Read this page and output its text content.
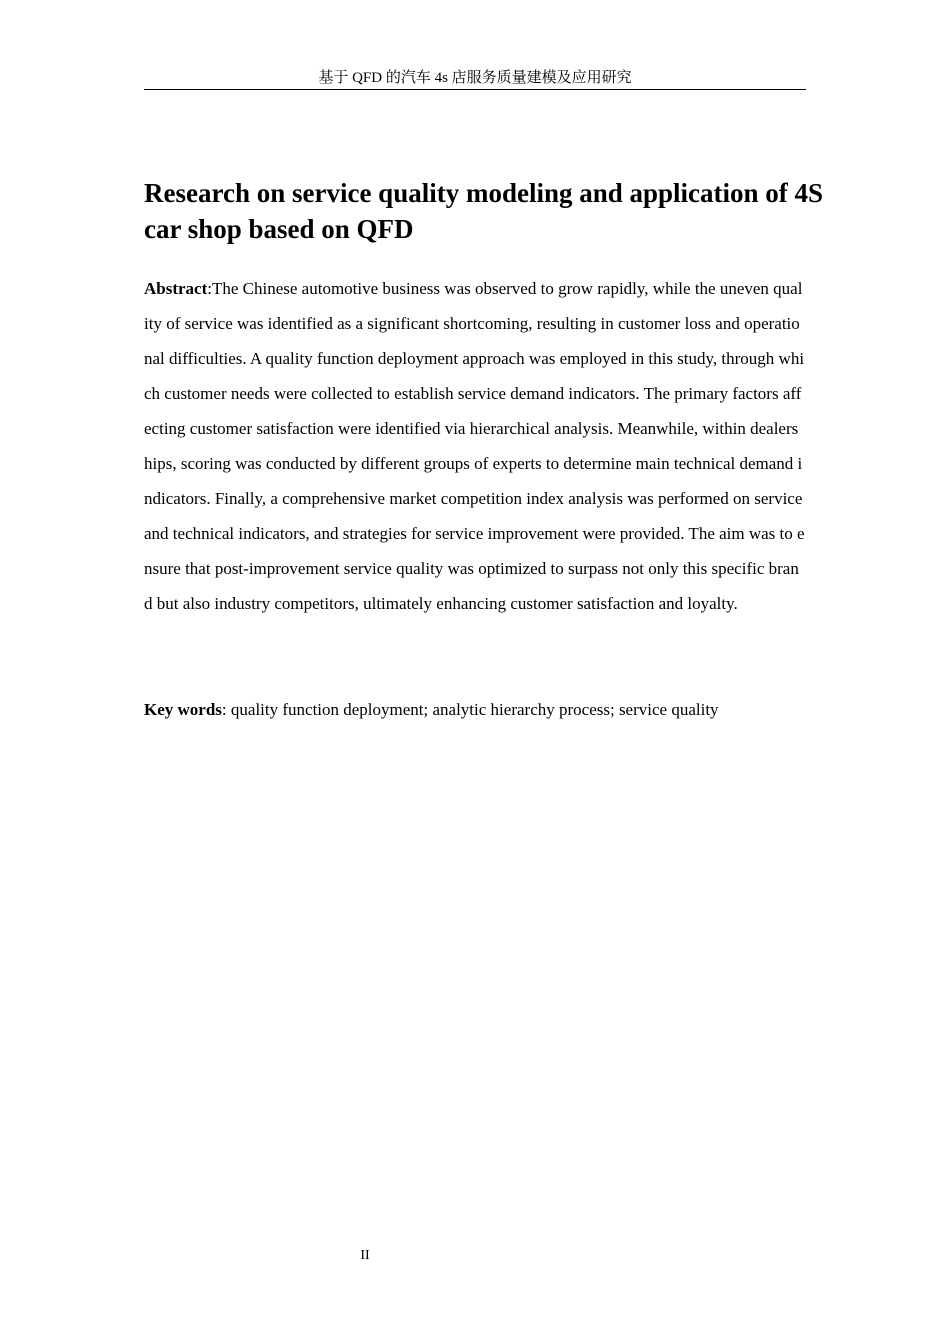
基于 QFD 的汽车 4s 店服务质量建模及应用研究
Research on service quality modeling and application of 4S car shop based on QFD

Abstract:The Chinese automotive business was observed to grow rapidly, while the uneven quality of service was identified as a significant shortcoming, resulting in customer loss and operational difficulties. A quality function deployment approach was employed in this study, through which customer needs were collected to establish service demand indicators. The primary factors affecting customer satisfaction were identified via hierarchical analysis. Meanwhile, within dealerships, scoring was conducted by different groups of experts to determine main technical demand indicators. Finally, a comprehensive market competition index analysis was performed on service and technical indicators, and strategies for service improvement were provided. The aim was to ensure that post-improvement service quality was optimized to surpass not only this specific brand but also industry competitors, ultimately enhancing customer satisfaction and loyalty.

Key words: quality function deployment; analytic hierarchy process; service quality

II
